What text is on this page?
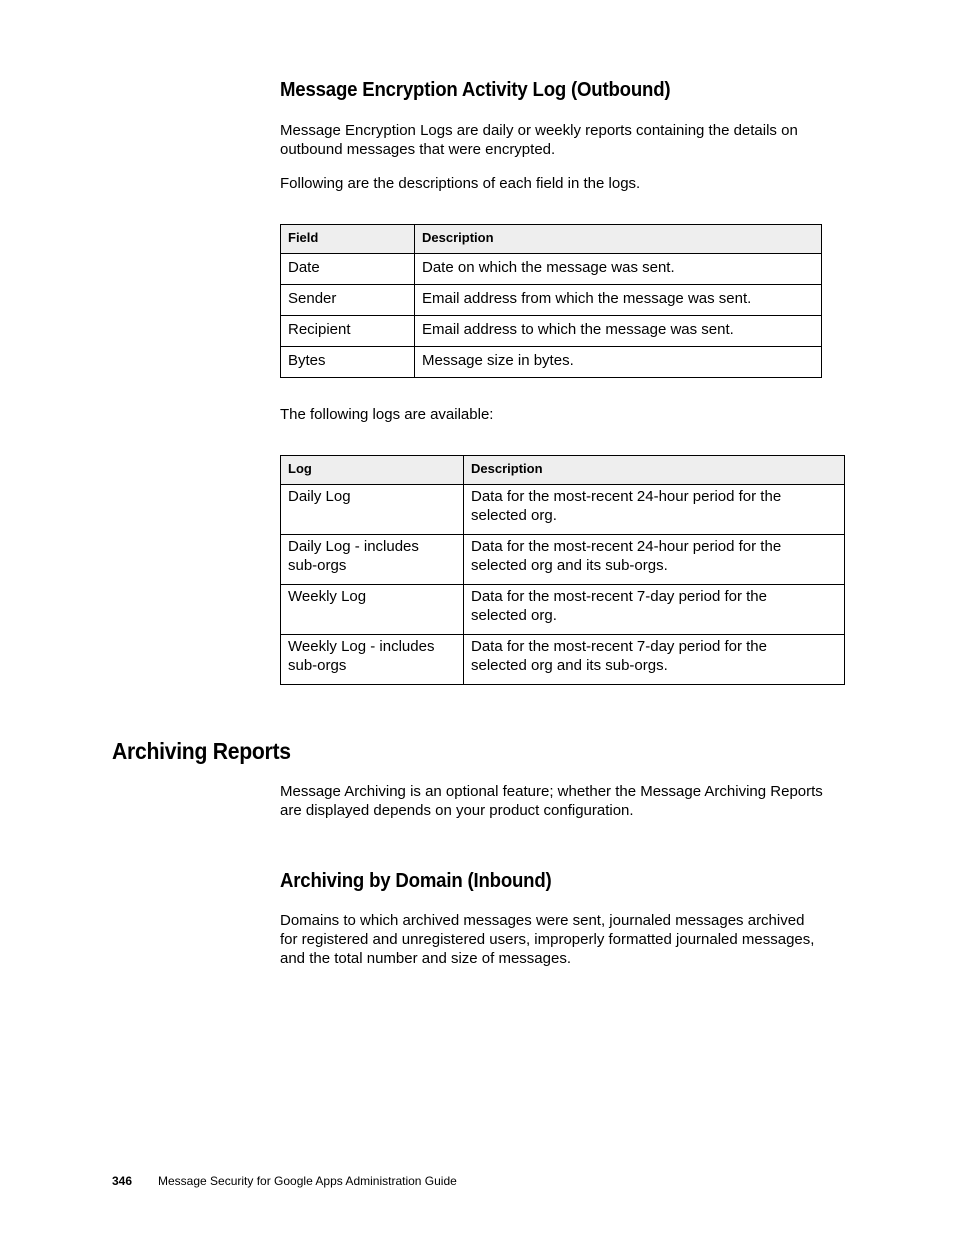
Message Encryption Activity Log (Outbound)

Message Encryption Logs are daily or weekly reports containing the details on
outbound messages that were encrypted.

Following are the descriptions of each field in the logs.

Field	Description
Date	Date on which the message was sent.
Sender	Email address from which the message was sent.
Recipient	Email address to which the message was sent.
Bytes	Message size in bytes.

The following logs are available:

Log	Description
Daily Log	Data for the most-recent 24-hour period for the
selected org.
Daily Log - includes
sub-orgs	Data for the most-recent 24-hour period for the
selected org and its sub-orgs.
Weekly Log	Data for the most-recent 7-day period for the
selected org.
Weekly Log - includes
sub-orgs	Data for the most-recent 7-day period for the
selected org and its sub-orgs.
Archiving Reports

Message Archiving is an optional feature; whether the Message Archiving Reports
are displayed depends on your product configuration.

Archiving by Domain (Inbound)

Domains to which archived messages were sent, journaled messages archived
for registered and unregistered users, improperly formatted journaled messages,
and the total number and size of messages.

346 Message Security for Google Apps Administration Guide
